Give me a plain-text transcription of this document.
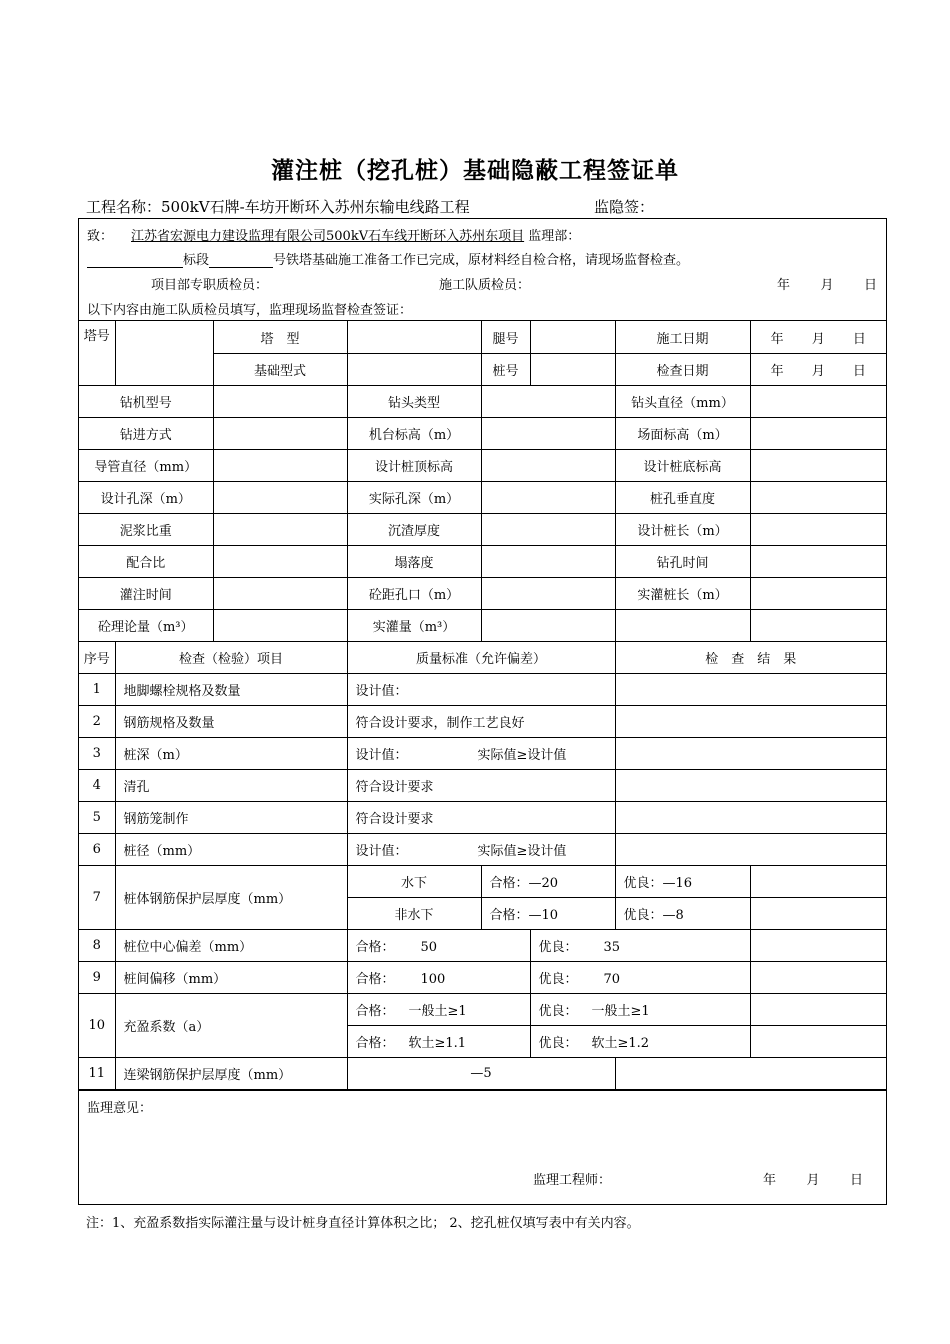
灌注桩（挖孔桩）基础隐蔽工程签证单
工程名称：500kV石牌-车坊开断环入苏州东输电线路工程	监隐签：
致： 江苏省宏源电力建设监理有限公司500kV石车线开断环入苏州东项目 监理部：
标段	号铁塔基础施工准备工作已完成，原材料经自检合格，请现场监督检查。
项目部专职质检员：	施工队质检员：	年 月 日
以下内容由施工队质检员填写，监理现场监督检查签证：
塔号		塔　型		腿号		施工日期	年 月 日

		基础型式		桩号		检查日期	年 月 日

钻机型号			钻头类型			钻头直径（mm）	
钻进方式			机台标高（m）			场面标高（m）	
导管直径（mm）			设计桩顶标高			设计桩底标高	
设计孔深（m）			实际孔深（m）			桩孔垂直度	
泥浆比重			沉渣厚度			设计桩长（m）	
配合比			塌落度			钻孔时间	
灌注时间			砼距孔口（m）			实灌桩长（m）	
砼理论量（m³）			实灌量（m³）				
序号	检查（检验）项目		质量标准（允许偏差）			检　查　结　果	
1	地脚螺栓规格及数量		设计值：				
2	钢筋规格及数量		符合设计要求，制作工艺良好				
3	桩深（m）		设计值： 实际值≥设计值				
4	清孔		符合设计要求				
5	钢筋笼制作		符合设计要求				
6	桩径（mm）		设计值： 实际值≥设计值				
7	桩体钢筋保护层厚度（mm）		水下	合格：—20		优良：—16	
			非水下	合格：—10		优良：—8	
8	桩位中心偏差（mm）		合格： 50		优良： 35		
9	桩间偏移（mm）		合格： 100		优良： 70		
10	充盈系数（a）		合格： 一般土≥1		优良： 一般土≥1		
			合格： 软土≥1.1		优良： 软土≥1.2		
11	连梁钢筋保护层厚度（mm）		—5				
监理意见：
监理工程师：	年 月 日
注：1、充盈系数指实际灌注量与设计桩身直径计算体积之比； 2、挖孔桩仅填写表中有关内容。
